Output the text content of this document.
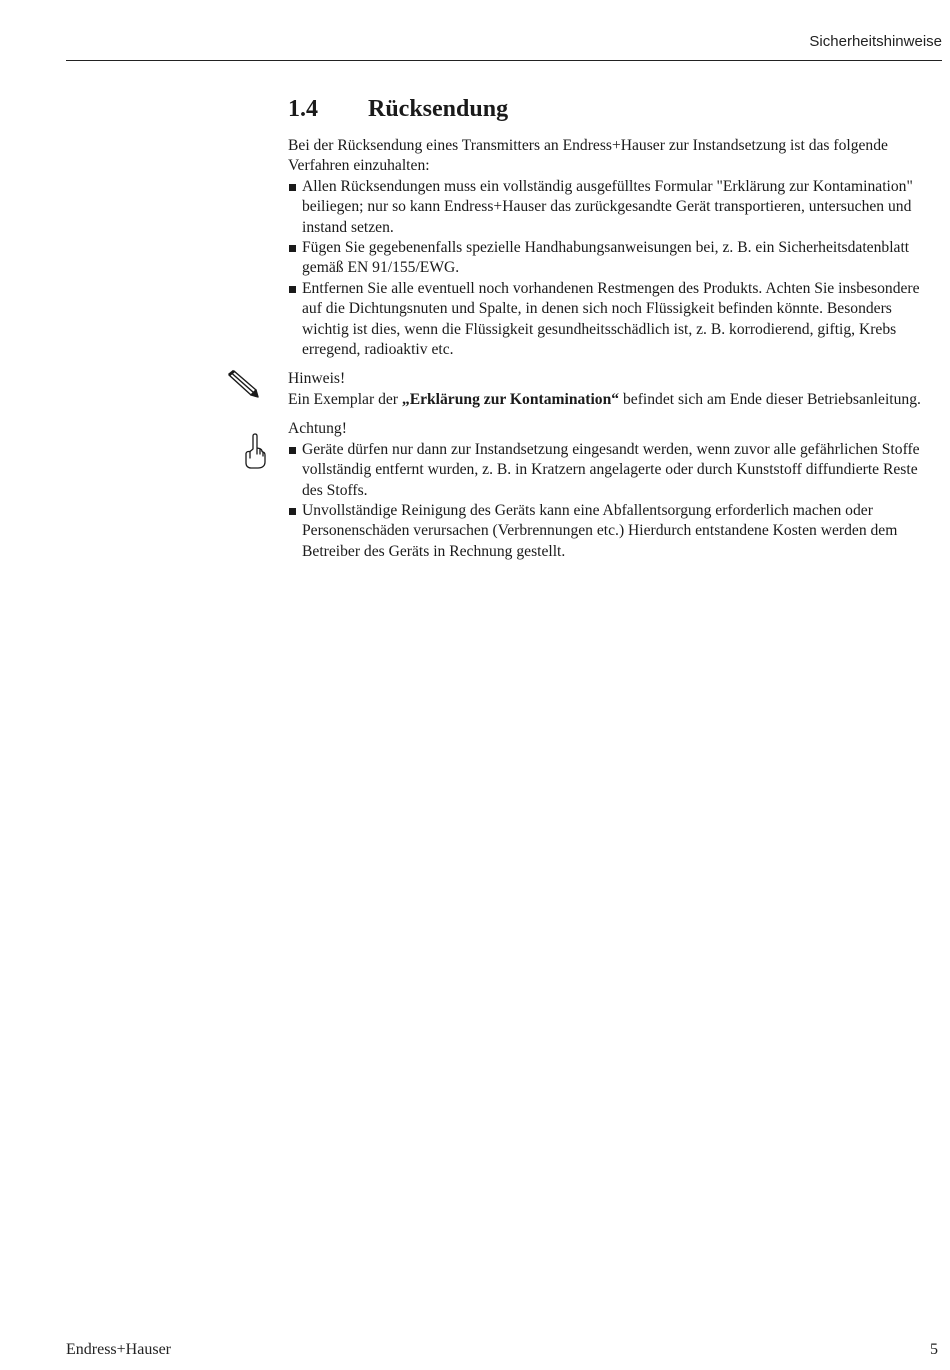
Sicherheitshinweise
1.4 Rücksendung

Bei der Rücksendung eines Transmitters an Endress+Hauser zur Instandsetzung ist das folgende Verfahren einzuhalten:

Allen Rücksendungen muss ein vollständig ausgefülltes Formular "Erklärung zur Kontamination" beiliegen; nur so kann Endress+Hauser das zurückgesandte Gerät transportieren, untersuchen und instand setzen.
Fügen Sie gegebenenfalls spezielle Handhabungsanweisungen bei, z. B. ein Sicherheitsdatenblatt gemäß EN 91/155/EWG.
Entfernen Sie alle eventuell noch vorhandenen Restmengen des Produkts. Achten Sie insbesondere auf die Dichtungsnuten und Spalte, in denen sich noch Flüssigkeit befinden könnte. Besonders wichtig ist dies, wenn die Flüssigkeit gesundheitsschädlich ist, z. B. korrodierend, giftig, Krebs erregend, radioaktiv etc.

Hinweis!

Ein Exemplar der „Erklärung zur Kontamination“ befindet sich am Ende dieser Betriebsanleitung.

Achtung!

Geräte dürfen nur dann zur Instandsetzung eingesandt werden, wenn zuvor alle gefährlichen Stoffe vollständig entfernt wurden, z. B. in Kratzern angelagerte oder durch Kunststoff diffundierte Reste des Stoffs.
Unvollständige Reinigung des Geräts kann eine Abfallentsorgung erforderlich machen oder Personenschäden verursachen (Verbrennungen etc.) Hierdurch entstandene Kosten werden dem Betreiber des Geräts in Rechnung gestellt.
Endress+Hauser	5
